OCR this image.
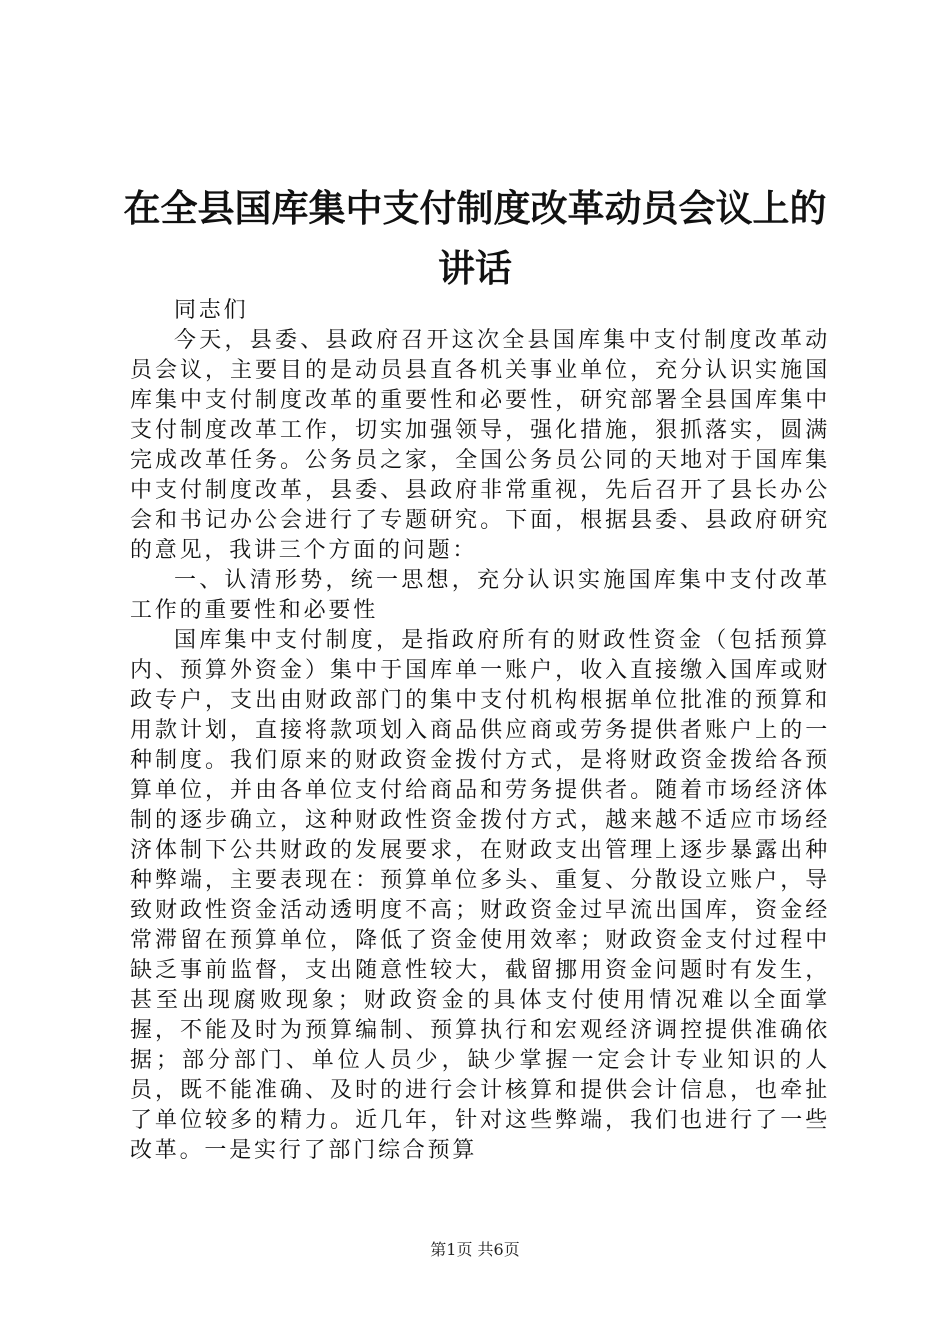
在全县国库集中支付制度改革动员会议上的讲话

同志们

今天，县委、县政府召开这次全县国库集中支付制度改革动员会议，主要目的是动员县直各机关事业单位，充分认识实施国库集中支付制度改革的重要性和必要性，研究部署全县国库集中支付制度改革工作，切实加强领导，强化措施，狠抓落实，圆满完成改革任务。公务员之家，全国公务员公同的天地对于国库集中支付制度改革，县委、县政府非常重视，先后召开了县长办公会和书记办公会进行了专题研究。下面，根据县委、县政府研究的意见，我讲三个方面的问题：

一、认清形势，统一思想，充分认识实施国库集中支付改革工作的重要性和必要性

国库集中支付制度，是指政府所有的财政性资金（包括预算内、预算外资金）集中于国库单一账户，收入直接缴入国库或财政专户，支出由财政部门的集中支付机构根据单位批准的预算和用款计划，直接将款项划入商品供应商或劳务提供者账户上的一种制度。我们原来的财政资金拨付方式，是将财政资金拨给各预算单位，并由各单位支付给商品和劳务提供者。随着市场经济体制的逐步确立，这种财政性资金拨付方式，越来越不适应市场经济体制下公共财政的发展要求，在财政支出管理上逐步暴露出种种弊端，主要表现在：预算单位多头、重复、分散设立账户，导致财政性资金活动透明度不高；财政资金过早流出国库，资金经常滞留在预算单位，降低了资金使用效率；财政资金支付过程中缺乏事前监督，支出随意性较大，截留挪用资金问题时有发生，甚至出现腐败现象；财政资金的具体支付使用情况难以全面掌握，不能及时为预算编制、预算执行和宏观经济调控提供准确依据；部分部门、单位人员少，缺少掌握一定会计专业知识的人员，既不能准确、及时的进行会计核算和提供会计信息，也牵扯了单位较多的精力。近几年，针对这些弊端，我们也进行了一些改革。一是实行了部门综合预算

第1页 共6页
